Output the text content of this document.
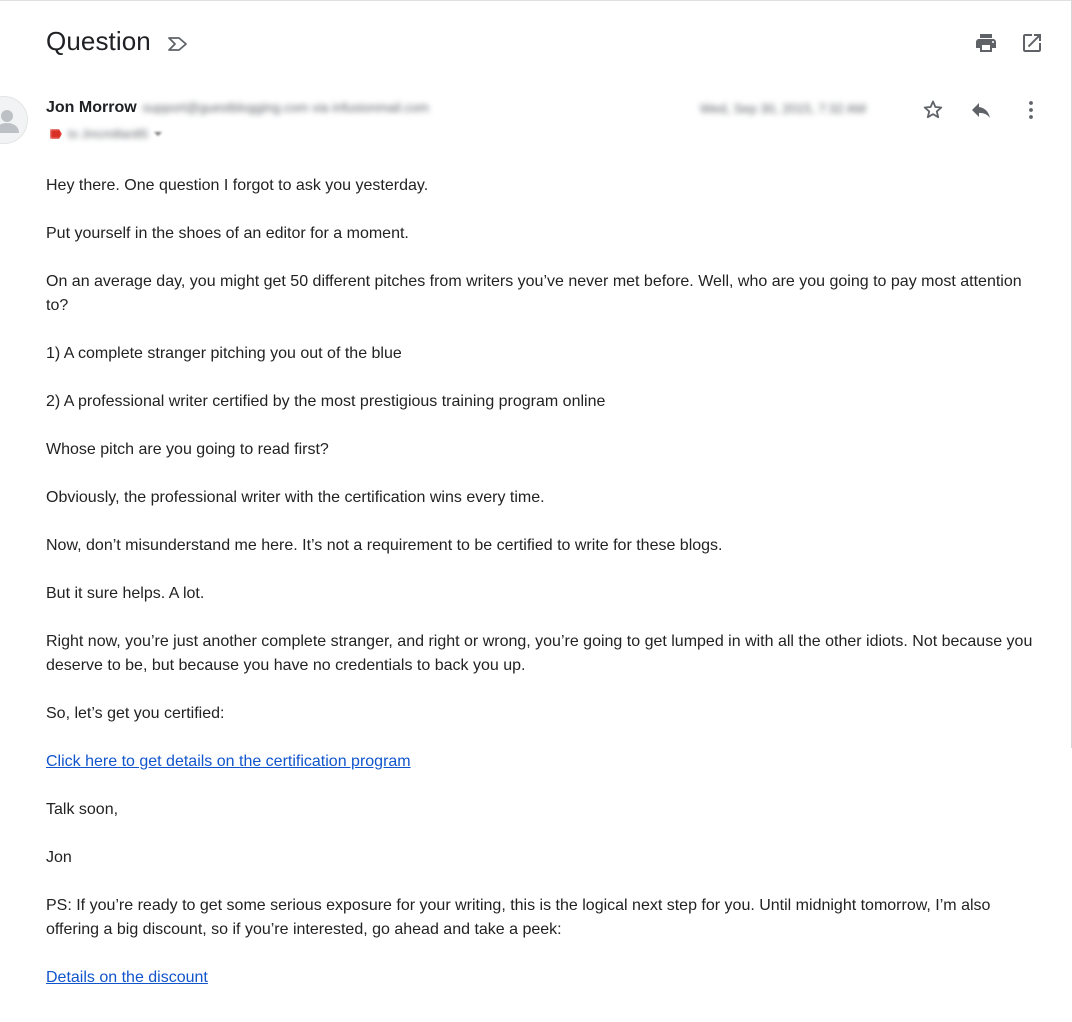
Question
Jon Morrow support@guestblogging.com via infusionmail.com
to Jmcmillan85
Wed, Sep 30, 2015, 7:32 AM

Hey there. One question I forgot to ask you yesterday.

Put yourself in the shoes of an editor for a moment.

On an average day, you might get 50 different pitches from writers you’ve never met before. Well, who are you going to pay most attention to?

1) A complete stranger pitching you out of the blue

2) A professional writer certified by the most prestigious training program online

Whose pitch are you going to read first?

Obviously, the professional writer with the certification wins every time.

Now, don’t misunderstand me here. It’s not a requirement to be certified to write for these blogs.

But it sure helps. A lot.

Right now, you’re just another complete stranger, and right or wrong, you’re going to get lumped in with all the other idiots. Not because you deserve to be, but because you have no credentials to back you up.

So, let’s get you certified:

Click here to get details on the certification program

Talk soon,

Jon

PS: If you’re ready to get some serious exposure for your writing, this is the logical next step for you. Until midnight tomorrow, I’m also offering a big discount, so if you’re interested, go ahead and take a peek:

Details on the discount
